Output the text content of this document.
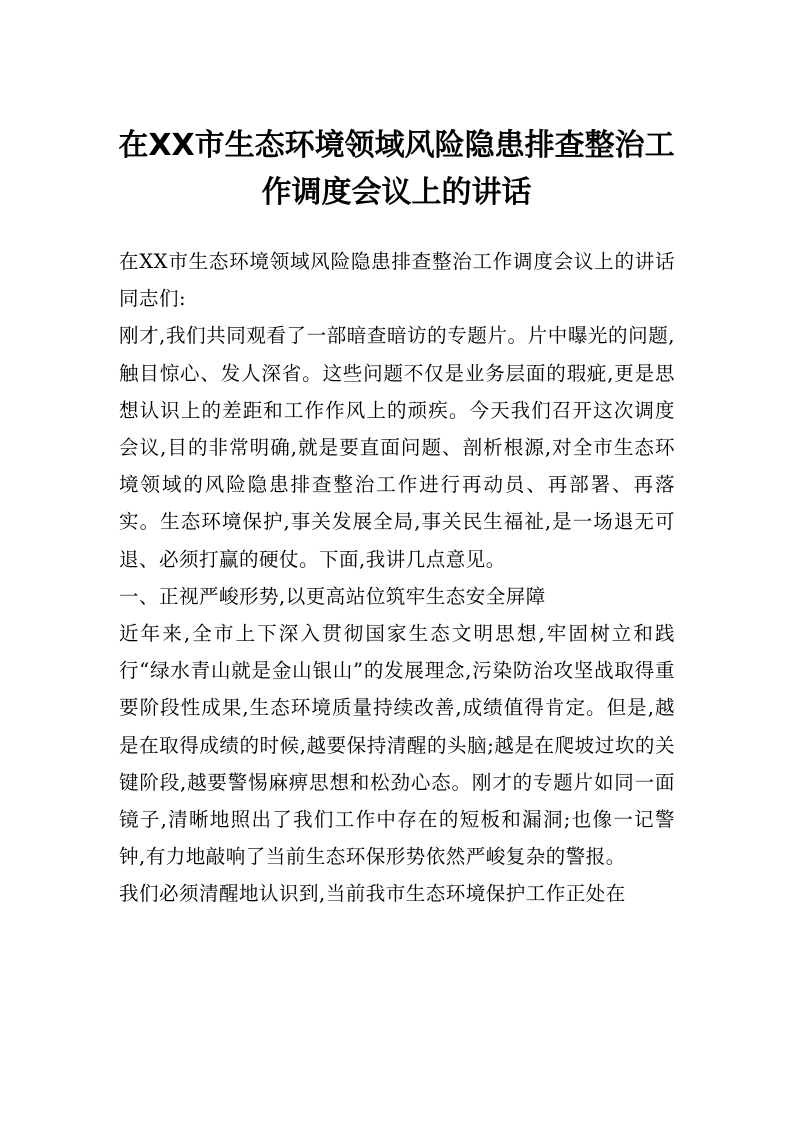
在XX市生态环境领域风险隐患排查整治工作调度会议上的讲话

在XX市生态环境领域风险隐患排查整治工作调度会议上的讲话同志们:

刚才,我们共同观看了一部暗查暗访的专题片。片中曝光的问题,触目惊心、发人深省。这些问题不仅是业务层面的瑕疵,更是思想认识上的差距和工作作风上的顽疾。今天我们召开这次调度会议,目的非常明确,就是要直面问题、剖析根源,对全市生态环境领域的风险隐患排查整治工作进行再动员、再部署、再落实。生态环境保护,事关发展全局,事关民生福祉,是一场退无可退、必须打赢的硬仗。下面,我讲几点意见。

一、正视严峻形势,以更高站位筑牢生态安全屏障

近年来,全市上下深入贯彻国家生态文明思想,牢固树立和践行“绿水青山就是金山银山”的发展理念,污染防治攻坚战取得重要阶段性成果,生态环境质量持续改善,成绩值得肯定。但是,越是在取得成绩的时候,越要保持清醒的头脑;越是在爬坡过坎的关键阶段,越要警惕麻痹思想和松劲心态。刚才的专题片如同一面镜子,清晰地照出了我们工作中存在的短板和漏洞;也像一记警钟,有力地敲响了当前生态环保形势依然严峻复杂的警报。

我们必须清醒地认识到,当前我市生态环境保护工作正处在
